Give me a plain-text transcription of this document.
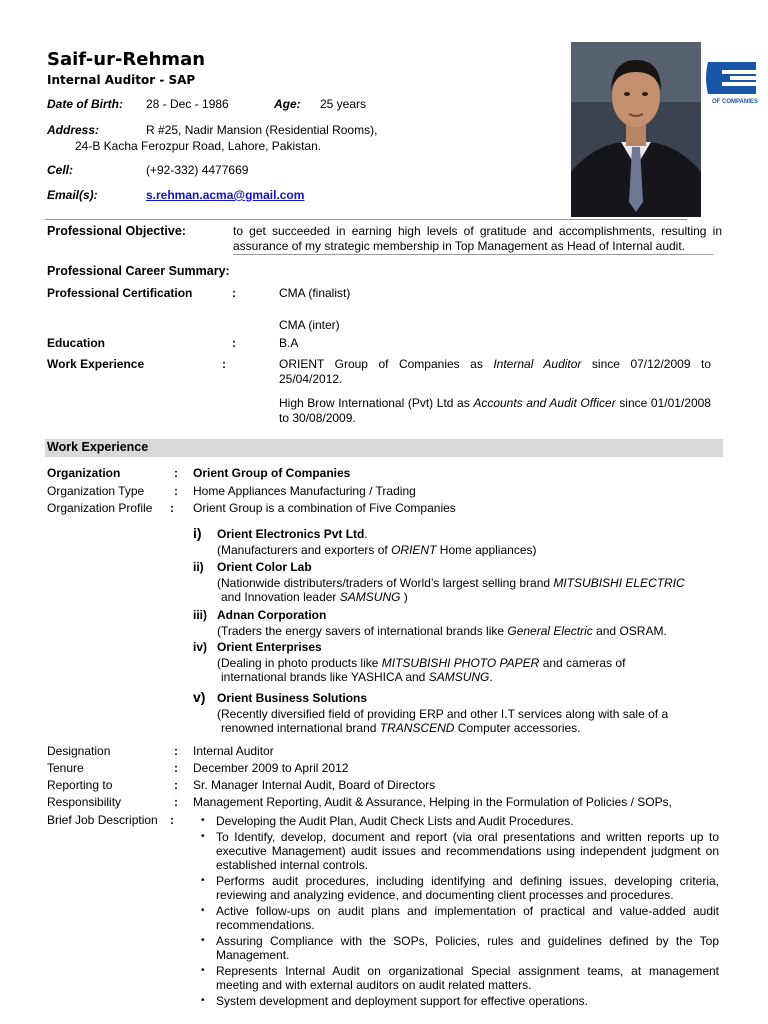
Saif-ur-Rehman
Internal Auditor - SAP
Date of Birth: 28 - Dec - 1986	Age: 25 years
Address:	R #25, Nadir Mansion (Residential Rooms),
24-B Kacha Ferozpur Road, Lahore, Pakistan.
Cell:	(+92-332) 4477669
Email(s):	s.rehman.acma@gmail.com
OF COMPANIES
Professional Objective:	to get succeeded in earning high levels of gratitude and accomplishments, resulting in assurance of my strategic membership in Top Management as Head of Internal audit.
Professional Career Summary:
Professional Certification	:	CMA (finalist)
CMA (inter)
Education	:	B.A
Work Experience	:	ORIENT Group of Companies as Internal Auditor since 07/12/2009 to 25/04/2012.
High Brow International (Pvt) Ltd as Accounts and Audit Officer since 01/01/2008 to 30/08/2009.
Work Experience
Organization	: Orient Group of Companies
Organization Type : Home Appliances Manufacturing / Trading
Organization Profile : Orient Group is a combination of Five Companies
i) Orient Electronics Pvt Ltd.
(Manufacturers and exporters of ORIENT Home appliances)
ii) Orient Color Lab
(Nationwide distributers/traders of World’s largest selling brand MITSUBISHI ELECTRIC
and Innovation leader SAMSUNG )
iii) Adnan Corporation
(Traders the energy savers of international brands like General Electric and OSRAM.
iv) Orient Enterprises
(Dealing in photo products like MITSUBISHI PHOTO PAPER and cameras of
international brands like YASHICA and SAMSUNG.
v) Orient Business Solutions
(Recently diversified field of providing ERP and other I.T services along with sale of a
renowned international brand TRANSCEND Computer accessories.
Designation	: Internal Auditor
Tenure	: December 2009 to April 2012
Reporting to	: Sr. Manager Internal Audit, Board of Directors
Responsibility	: Management Reporting, Audit & Assurance, Helping in the Formulation of Policies / SOPs,
Brief Job Description :
•	Developing the Audit Plan, Audit Check Lists and Audit Procedures.
• To Identify, develop, document and report (via oral presentations and written reports up to executive Management) audit issues and recommendations using independent judgment on established internal controls.
• Performs audit procedures, including identifying and defining issues, developing criteria, reviewing and analyzing evidence, and documenting client processes and procedures.
• Active follow-ups on audit plans and implementation of practical and value-added audit recommendations.
• Assuring Compliance with the SOPs, Policies, rules and guidelines defined by the Top Management.
• Represents Internal Audit on organizational Special assignment teams, at management meeting and with external auditors on audit related matters.
• System development and deployment support for effective operations.
